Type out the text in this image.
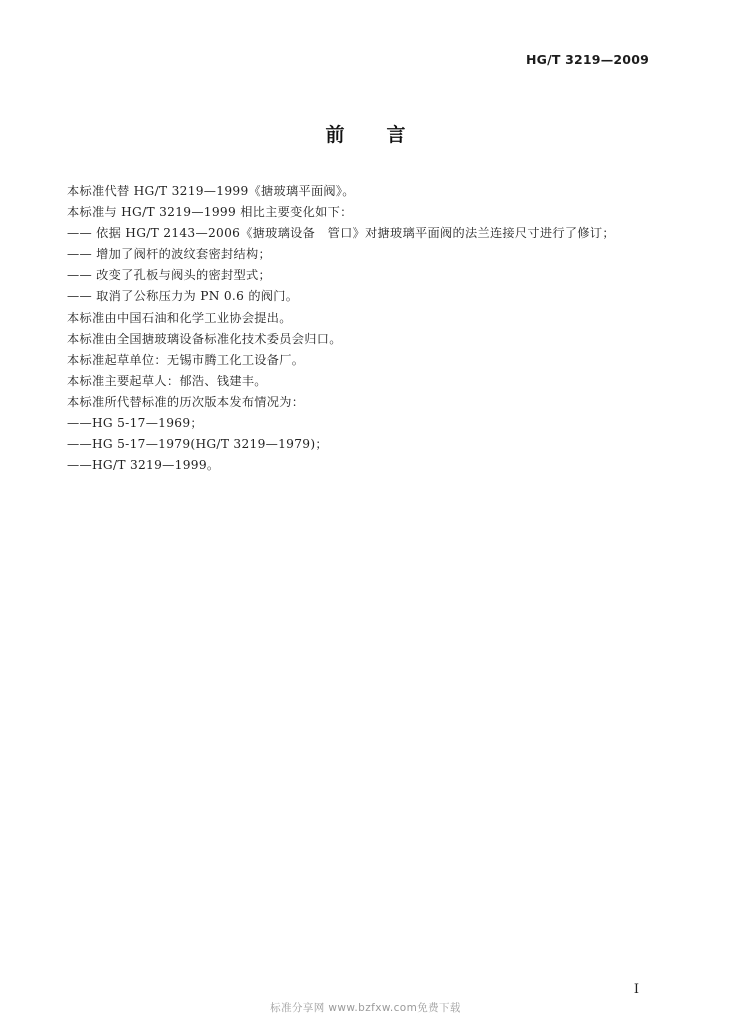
HG/T 3219—2009
前言
本标准代替 HG/T 3219—1999《搪玻璃平面阀》。
本标准与 HG/T 3219—1999 相比主要变化如下：
—— 依据 HG/T 2143—2006《搪玻璃设备　管口》对搪玻璃平面阀的法兰连接尺寸进行了修订；
—— 增加了阀杆的波纹套密封结构；
—— 改变了孔板与阀头的密封型式；
—— 取消了公称压力为 PN 0.6 的阀门。
本标准由中国石油和化学工业协会提出。
本标准由全国搪玻璃设备标准化技术委员会归口。
本标准起草单位：无锡市腾工化工设备厂。
本标准主要起草人：郁浩、钱建丰。
本标准所代替标准的历次版本发布情况为：
——HG 5-17—1969；
——HG 5-17—1979(HG/T 3219—1979)；
——HG/T 3219—1999。
I
标准分享网 www.bzfxw.com免费下载
